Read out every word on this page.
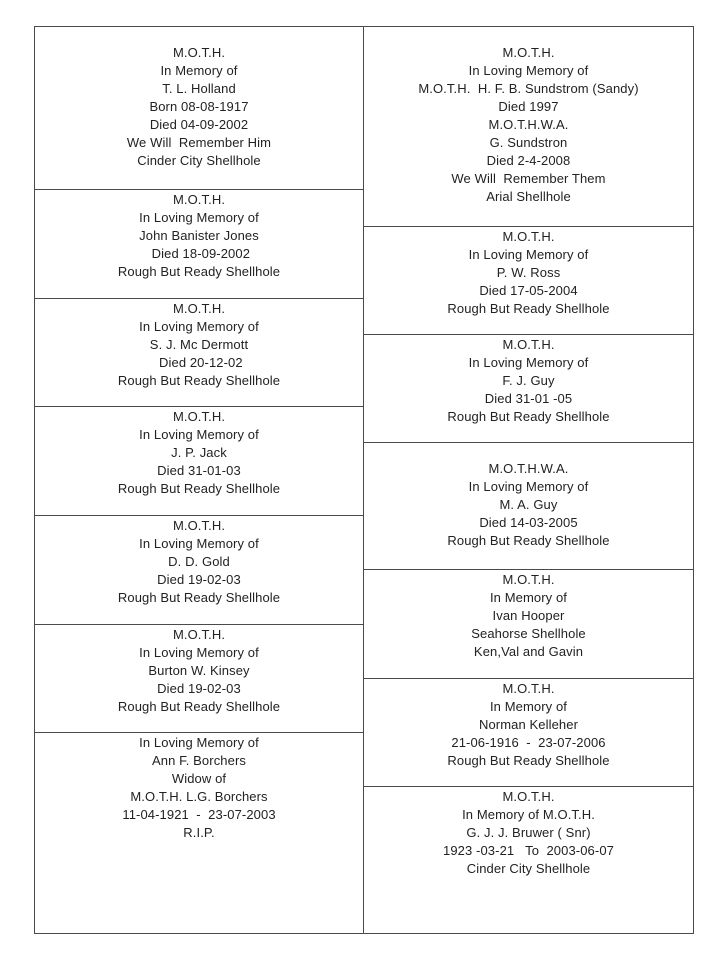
M.O.T.H.
In Memory of
T. L. Holland
Born 08-08-1917
Died 04-09-2002
We Will  Remember Him
Cinder City Shellhole
M.O.T.H.
In Loving Memory of
John Banister Jones
Died 18-09-2002
Rough But Ready Shellhole
M.O.T.H.
In Loving Memory of
S. J. Mc Dermott
Died 20-12-02
Rough But Ready Shellhole
M.O.T.H.
In Loving Memory of
J. P. Jack
Died 31-01-03
Rough But Ready Shellhole
M.O.T.H.
In Loving Memory of
D. D. Gold
Died 19-02-03
Rough But Ready Shellhole
M.O.T.H.
In Loving Memory of
Burton W. Kinsey
Died 19-02-03
Rough But Ready Shellhole
In Loving Memory of
Ann F. Borchers
Widow of
M.O.T.H. L.G. Borchers
11-04-1921  -  23-07-2003
R.I.P.
M.O.T.H.
In Loving Memory of
M.O.T.H.  H. F. B. Sundstrom (Sandy)
Died 1997
M.O.T.H.W.A.
G. Sundstron
Died 2-4-2008
We Will  Remember Them
Arial Shellhole
M.O.T.H.
In Loving Memory of
P. W. Ross
Died 17-05-2004
Rough But Ready Shellhole
M.O.T.H.
In Loving Memory of
F. J. Guy
Died 31-01 -05
Rough But Ready Shellhole
M.O.T.H.W.A.
In Loving Memory of
M. A. Guy
Died 14-03-2005
Rough But Ready Shellhole
M.O.T.H.
In Memory of
Ivan Hooper
Seahorse Shellhole
Ken,Val and Gavin
M.O.T.H.
In Memory of
Norman Kelleher
21-06-1916  -  23-07-2006
Rough But Ready Shellhole
M.O.T.H.
In Memory of M.O.T.H.
G. J. J. Bruwer ( Snr)
1923 -03-21   To  2003-06-07
Cinder City Shellhole
